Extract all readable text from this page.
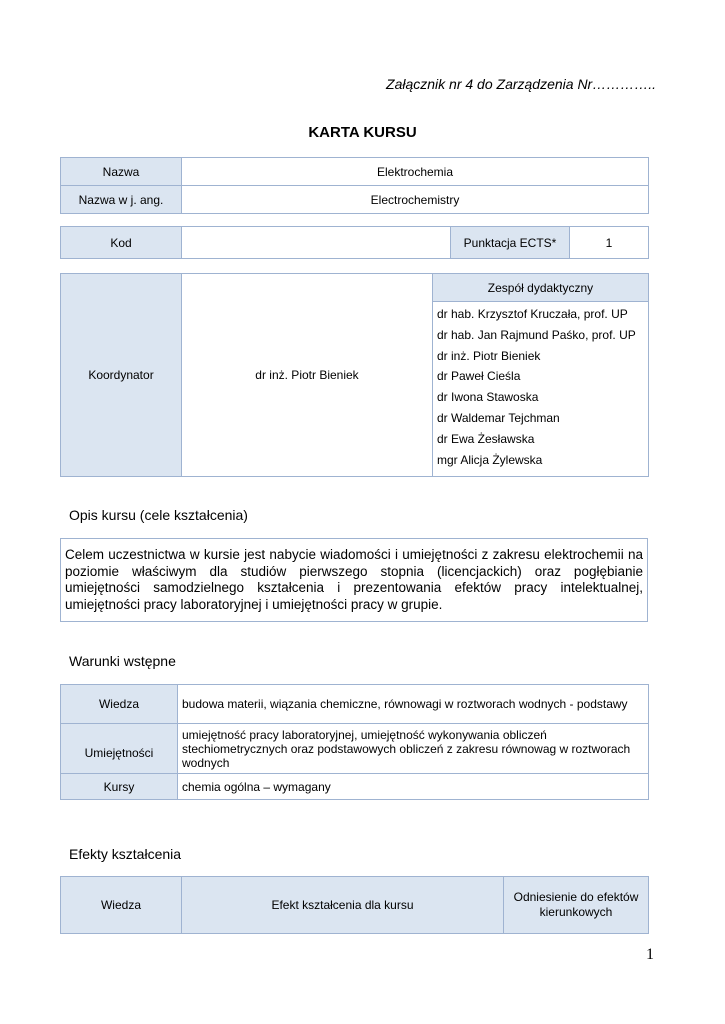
Załącznik nr 4 do Zarządzenia Nr…………..
KARTA KURSU
Nazwa	Elektrochemia
Nazwa w j. ang.	Electrochemistry
Kod		Punktacja ECTS*	1
Koordynator	dr inż. Piotr Bieniek	Zespół dydaktyczny

dr hab. Krzysztof Kruczała, prof. UP
dr hab. Jan Rajmund Paśko, prof. UP
dr inż. Piotr Bieniek
dr Paweł Cieśla
dr Iwona Stawoska
dr Waldemar Tejchman
dr Ewa Żesławska
mgr Alicja Żylewska
Opis kursu (cele kształcenia)
Celem uczestnictwa w kursie jest nabycie wiadomości i umiejętności z zakresu elektrochemii na poziomie właściwym dla studiów pierwszego stopnia (licencjackich) oraz pogłębianie umiejętności samodzielnego kształcenia i prezentowania efektów pracy intelektualnej, umiejętności pracy laboratoryjnej i umiejętności pracy w grupie.
Warunki wstępne
Wiedza	budowa materii, wiązania chemiczne, równowagi w roztworach wodnych - podstawy
Umiejętności	umiejętność pracy laboratoryjnej, umiejętność wykonywania obliczeń stechiometrycznych oraz podstawowych obliczeń z zakresu równowag w roztworach wodnych
Kursy	chemia ogólna – wymagany
Efekty kształcenia
Wiedza	Efekt kształcenia dla kursu	Odniesienie do efektów kierunkowych
1
